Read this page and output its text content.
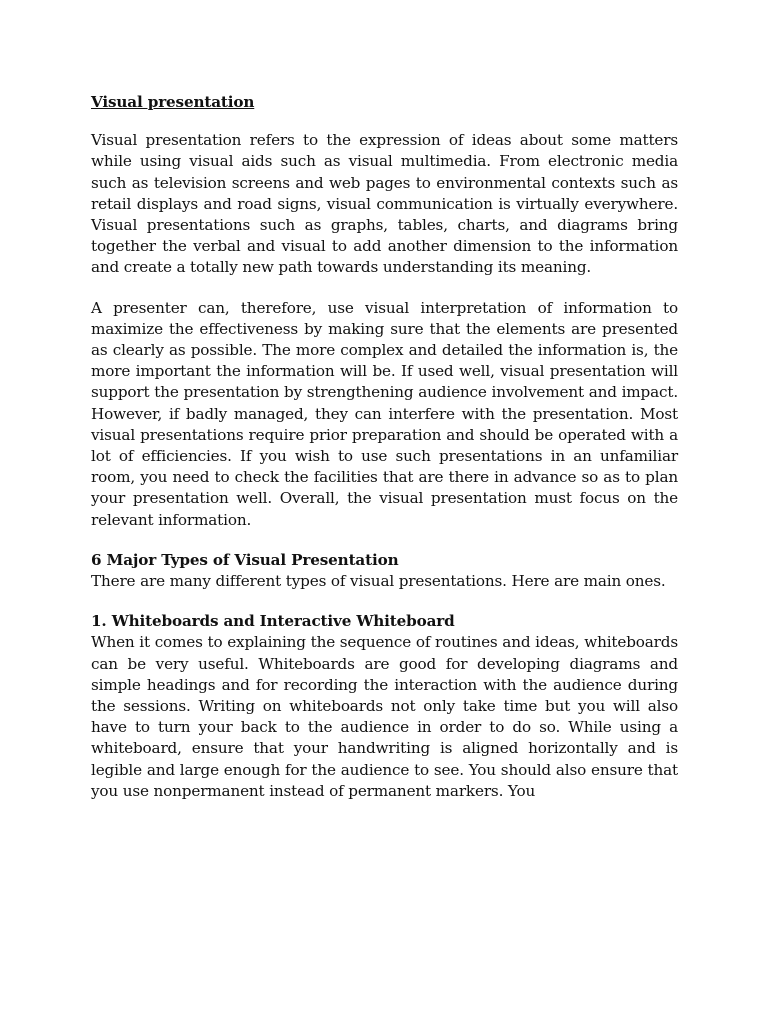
Visual presentation
Visual presentation refers to the expression of ideas about some matters while using visual aids such as visual multimedia. From electronic media such as television screens and web pages to environmental contexts such as retail displays and road signs, visual communication is virtually everywhere. Visual presentations such as graphs, tables, charts, and diagrams bring together the verbal and visual to add another dimension to the information and create a totally new path towards understanding its meaning.
A presenter can, therefore, use visual interpretation of information to maximize the effectiveness by making sure that the elements are presented as clearly as possible. The more complex and detailed the information is, the more important the information will be. If used well, visual presentation will support the presentation by strengthening audience involvement and impact. However, if badly managed, they can interfere with the presentation. Most visual presentations require prior preparation and should be operated with a lot of efficiencies. If you wish to use such presentations in an unfamiliar room, you need to check the facilities that are there in advance so as to plan your presentation well. Overall, the visual presentation must focus on the relevant information.
6 Major Types of Visual Presentation
There are many different types of visual presentations. Here are main ones.
1. Whiteboards and Interactive Whiteboard
When it comes to explaining the sequence of routines and ideas, whiteboards can be very useful. Whiteboards are good for developing diagrams and simple headings and for recording the interaction with the audience during the sessions. Writing on whiteboards not only take time but you will also have to turn your back to the audience in order to do so. While using a whiteboard, ensure that your handwriting is aligned horizontally and is legible and large enough for the audience to see. You should also ensure that you use nonpermanent instead of permanent markers. You
